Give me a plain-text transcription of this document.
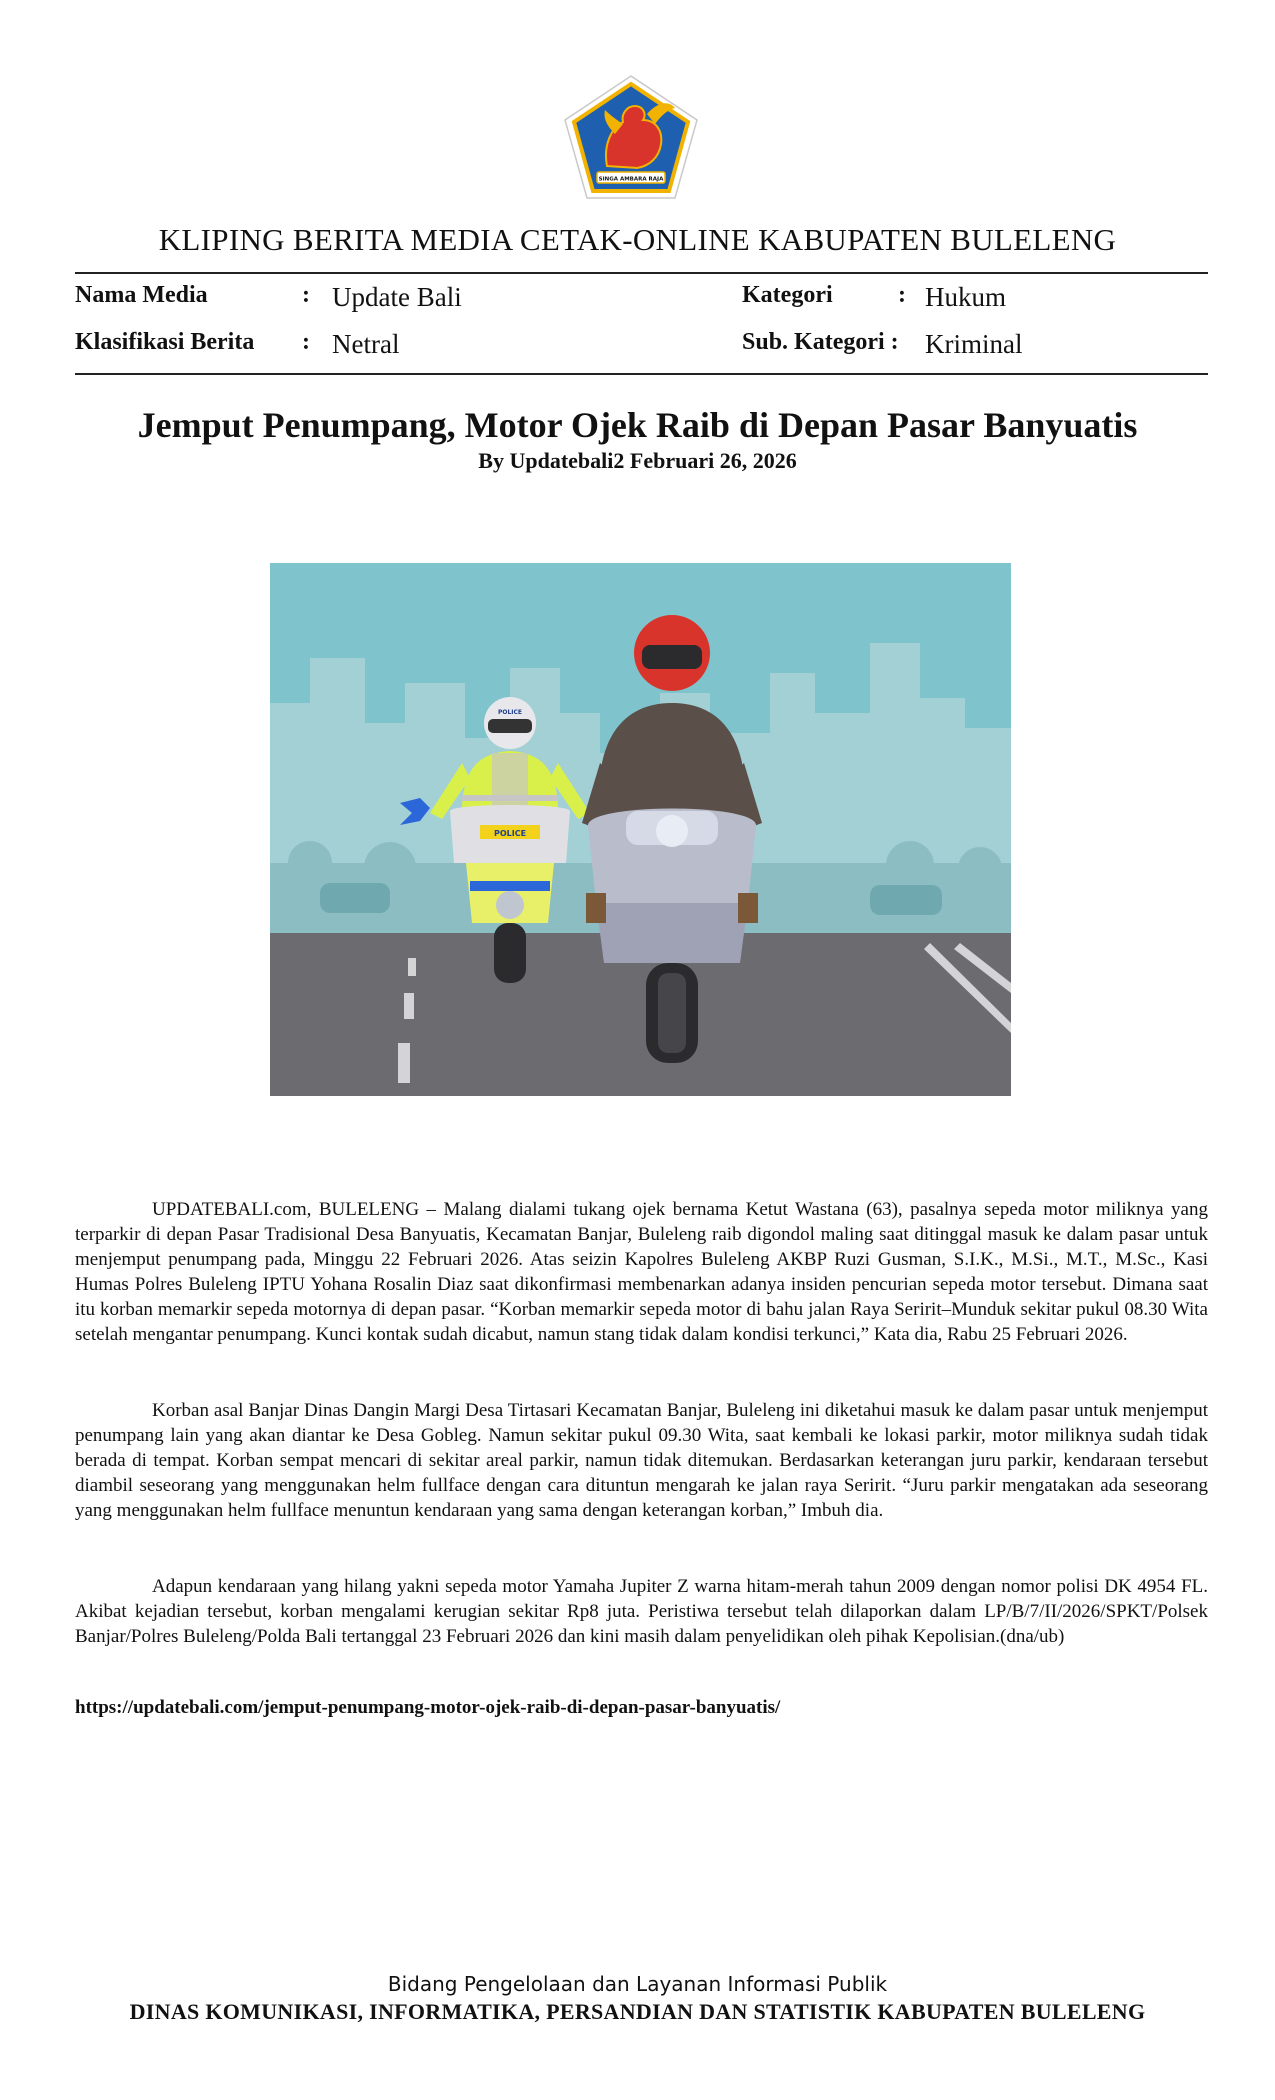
SINGA AMBARA RAJA
KLIPING BERITA MEDIA CETAK-ONLINE KABUPATEN BULELENG
Nama Media	: Update Bali	Kategori	: Hukum
Klasifikasi Berita : Netral	Sub. Kategori : Kriminal
Jemput Penumpang, Motor Ojek Raib di Depan Pasar Banyuatis
By Updatebali2 Februari 26, 2026
POLICE
POLICE

UPDATEBALI.com, BULELENG – Malang dialami tukang ojek bernama Ketut Wastana (63), pasalnya sepeda motor miliknya yang terparkir di depan Pasar Tradisional Desa Banyuatis, Kecamatan Banjar, Buleleng raib digondol maling saat ditinggal masuk ke dalam pasar untuk menjemput penumpang pada, Minggu 22 Februari 2026. Atas seizin Kapolres Buleleng AKBP Ruzi Gusman, S.I.K., M.Si., M.T., M.Sc., Kasi Humas Polres Buleleng IPTU Yohana Rosalin Diaz saat dikonfirmasi membenarkan adanya insiden pencurian sepeda motor tersebut. Dimana saat itu korban memarkir sepeda motornya di depan pasar. “Korban memarkir sepeda motor di bahu jalan Raya Seririt–Munduk sekitar pukul 08.30 Wita setelah mengantar penumpang. Kunci kontak sudah dicabut, namun stang tidak dalam kondisi terkunci,” Kata dia, Rabu 25 Februari 2026.

Korban asal Banjar Dinas Dangin Margi Desa Tirtasari Kecamatan Banjar, Buleleng ini diketahui masuk ke dalam pasar untuk menjemput penumpang lain yang akan diantar ke Desa Gobleg. Namun sekitar pukul 09.30 Wita, saat kembali ke lokasi parkir, motor miliknya sudah tidak berada di tempat. Korban sempat mencari di sekitar areal parkir, namun tidak ditemukan. Berdasarkan keterangan juru parkir, kendaraan tersebut diambil seseorang yang menggunakan helm fullface dengan cara dituntun mengarah ke jalan raya Seririt. “Juru parkir mengatakan ada seseorang yang menggunakan helm fullface menuntun kendaraan yang sama dengan keterangan korban,” Imbuh dia.

Adapun kendaraan yang hilang yakni sepeda motor Yamaha Jupiter Z warna hitam-merah tahun 2009 dengan nomor polisi DK 4954 FL. Akibat kejadian tersebut, korban mengalami kerugian sekitar Rp8 juta. Peristiwa tersebut telah dilaporkan dalam LP/B/7/II/2026/SPKT/Polsek Banjar/Polres Buleleng/Polda Bali tertanggal 23 Februari 2026 dan kini masih dalam penyelidikan oleh pihak Kepolisian.(dna/ub)

https://updatebali.com/jemput-penumpang-motor-ojek-raib-di-depan-pasar-banyuatis/
Bidang Pengelolaan dan Layanan Informasi Publik
DINAS KOMUNIKASI, INFORMATIKA, PERSANDIAN DAN STATISTIK KABUPATEN BULELENG
